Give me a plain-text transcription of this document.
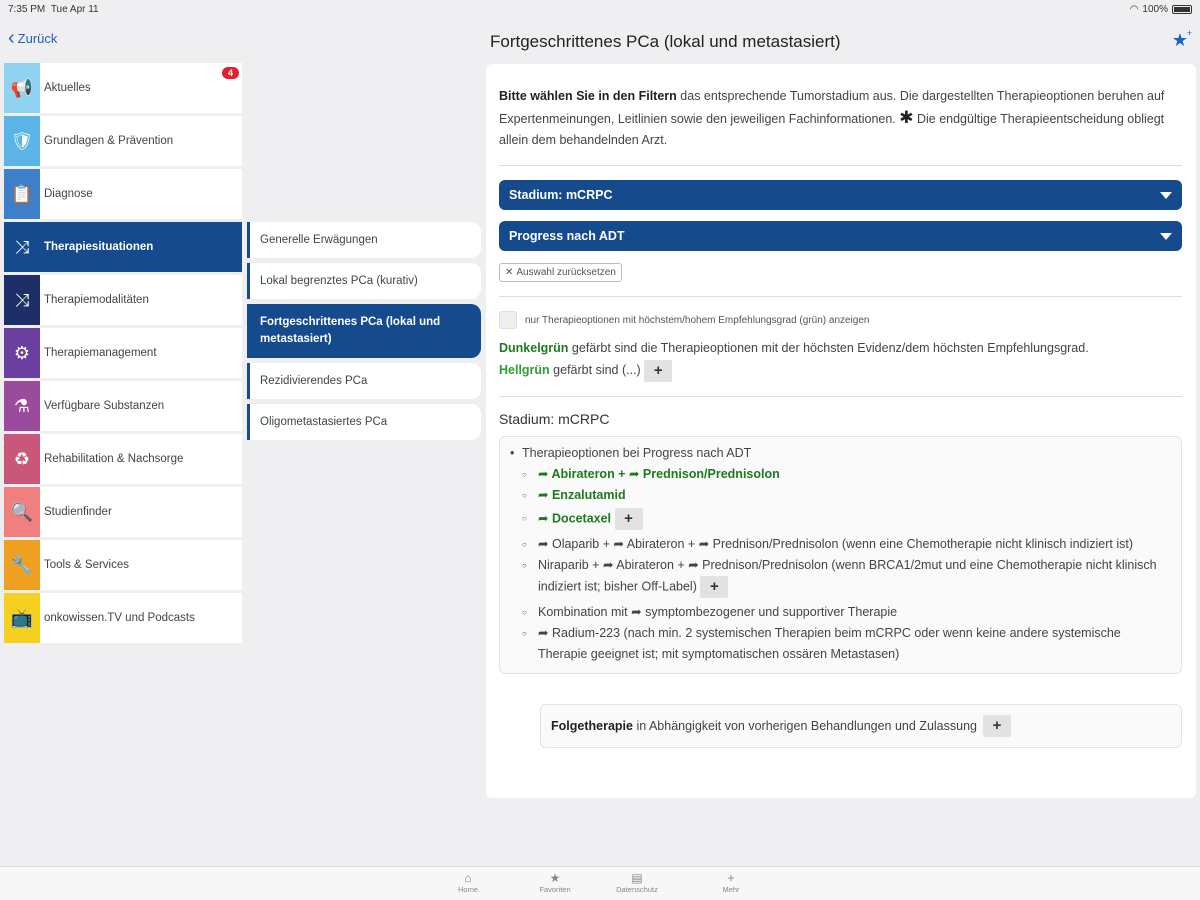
7:35 PM Tue Apr 11	◠ 100%
‹ Zurück	Fortgeschrittenes PCa (lokal und metastasiert)	★
+
📢 Aktuelles
4
🛡 Grundlagen & Prävention
📋 Diagnose
⤨	Therapiesituationen
⤨	Therapiemodalitäten
⚙	Therapiemanagement
⚗	Verfügbare Substanzen
♻	Rehabilitation & Nachsorge
🔍 Studienfinder
🔧 Tools & Services
📺 onkowissen.TV und Podcasts
Generelle Erwägungen
Lokal begrenztes PCa (kurativ)
Fortgeschrittenes PCa (lokal und metastasiert)
Rezidivierendes PCa
Oligometastasiertes PCa

Bitte wählen Sie in den Filtern das entsprechende Tumorstadium aus. Die dargestellten Therapieoptionen beruhen auf Expertenmeinungen, Leitlinien sowie den jeweiligen Fachinformationen. ✱ Die endgültige Therapieentscheidung obliegt allein dem behandelnden Arzt.

Stadium: mCRPC
Progress nach ADT
✕ Auswahl zurücksetzen
nur Therapieoptionen mit höchstem/hohem Empfehlungsgrad (grün) anzeigen
Dunkelgrün gefärbt sind die Therapieoptionen mit der höchsten Evidenz/dem höchsten Empfehlungsgrad.
Hellgrün gefärbt sind (...) +
Stadium: mCRPC
• Therapieoptionen bei Progress nach ADT
○ ➦ Abirateron + ➦ Prednison/Prednisolon
○ ➦ Enzalutamid
○ ➦ Docetaxel +
○ ➦ Olaparib + ➦ Abirateron + ➦ Prednison/Prednisolon (wenn eine Chemotherapie nicht klinisch indiziert ist)
○ Niraparib + ➦ Abirateron + ➦ Prednison/Prednisolon (wenn BRCA1/2mut und eine Chemotherapie nicht klinisch indiziert ist; bisher Off-Label) +
○ Kombination mit ➦ symptombezogener und supportiver Therapie
○ ➦ Radium-223 (nach min. 2 systemischen Therapien beim mCRPC oder wenn keine andere systemische Therapie geeignet ist; mit symptomatischen ossären Metastasen)
Folgetherapie in Abhängigkeit von vorherigen Behandlungen und Zulassung	+
⌂
Home
★
Favoriten
▤
Datenschutz
+
Mehr
